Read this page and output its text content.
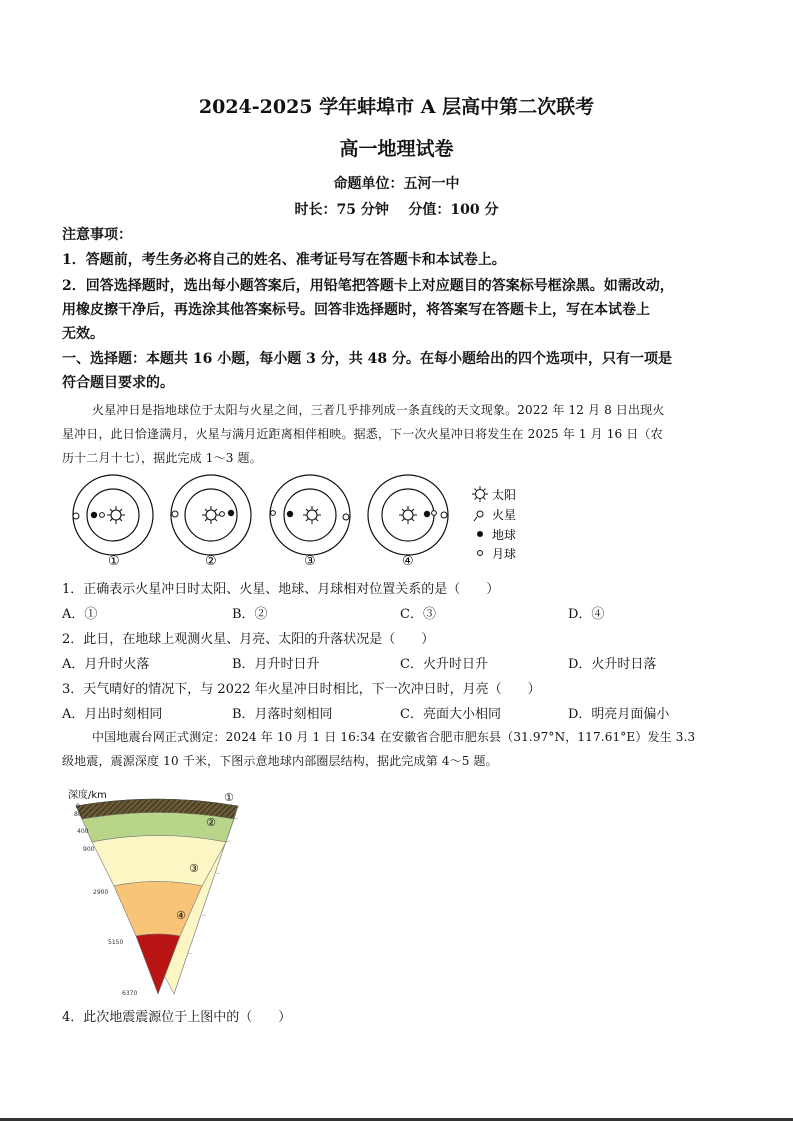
2024-2025 学年蚌埠市 A 层高中第二次联考
高一地理试卷
命题单位：五河一中
时长：75 分钟    分值：100 分
注意事项：
1．答题前，考生务必将自己的姓名、准考证号写在答题卡和本试卷上。
2．回答选择题时，选出每小题答案后，用铅笔把答题卡上对应题目的答案标号框涂黑。如需改动，
用橡皮擦干净后，再选涂其他答案标号。回答非选择题时，将答案写在答题卡上，写在本试卷上
无效。
一、选择题：本题共 16 小题，每小题 3 分，共 48 分。在每小题给出的四个选项中，只有一项是
符合题目要求的。
火星冲日是指地球位于太阳与火星之间，三者几乎排列成一条直线的天文现象。2022 年 12 月 8 日出现火
星冲日，此日恰逢满月，火星与满月近距离相伴相映。据悉，下一次火星冲日将发生在 2025 年 1 月 16 日（农
历十二月十七），据此完成 1～3 题。
①	②	③	④
太阳
火星
地球
月球
1．正确表示火星冲日时太阳、火星、地球、月球相对位置关系的是（　　）
A．①	B．②	C．③	D．④
2．此日，在地球上观测火星、月亮、太阳的升落状况是（　　）
A．月升时火落	B．月升时日升	C．火升时日升	D．火升时日落
3．天气晴好的情况下，与 2022 年火星冲日时相比，下一次冲日时，月亮（　　）
A．月出时刻相同	B．月落时刻相同	C．亮面大小相同	D．明亮月面偏小
中国地震台网正式测定：2024 年 10 月 1 日 16:34 在安徽省合肥市肥东县（31.97°N，117.61°E）发生 3.3
级地震，震源深度 10 千米，下图示意地球内部圈层结构，据此完成第 4～5 题。
深度/km
0
80
400
900
2900
5150
6370
①
②
③
④
4．此次地震震源位于上图中的（　　）
